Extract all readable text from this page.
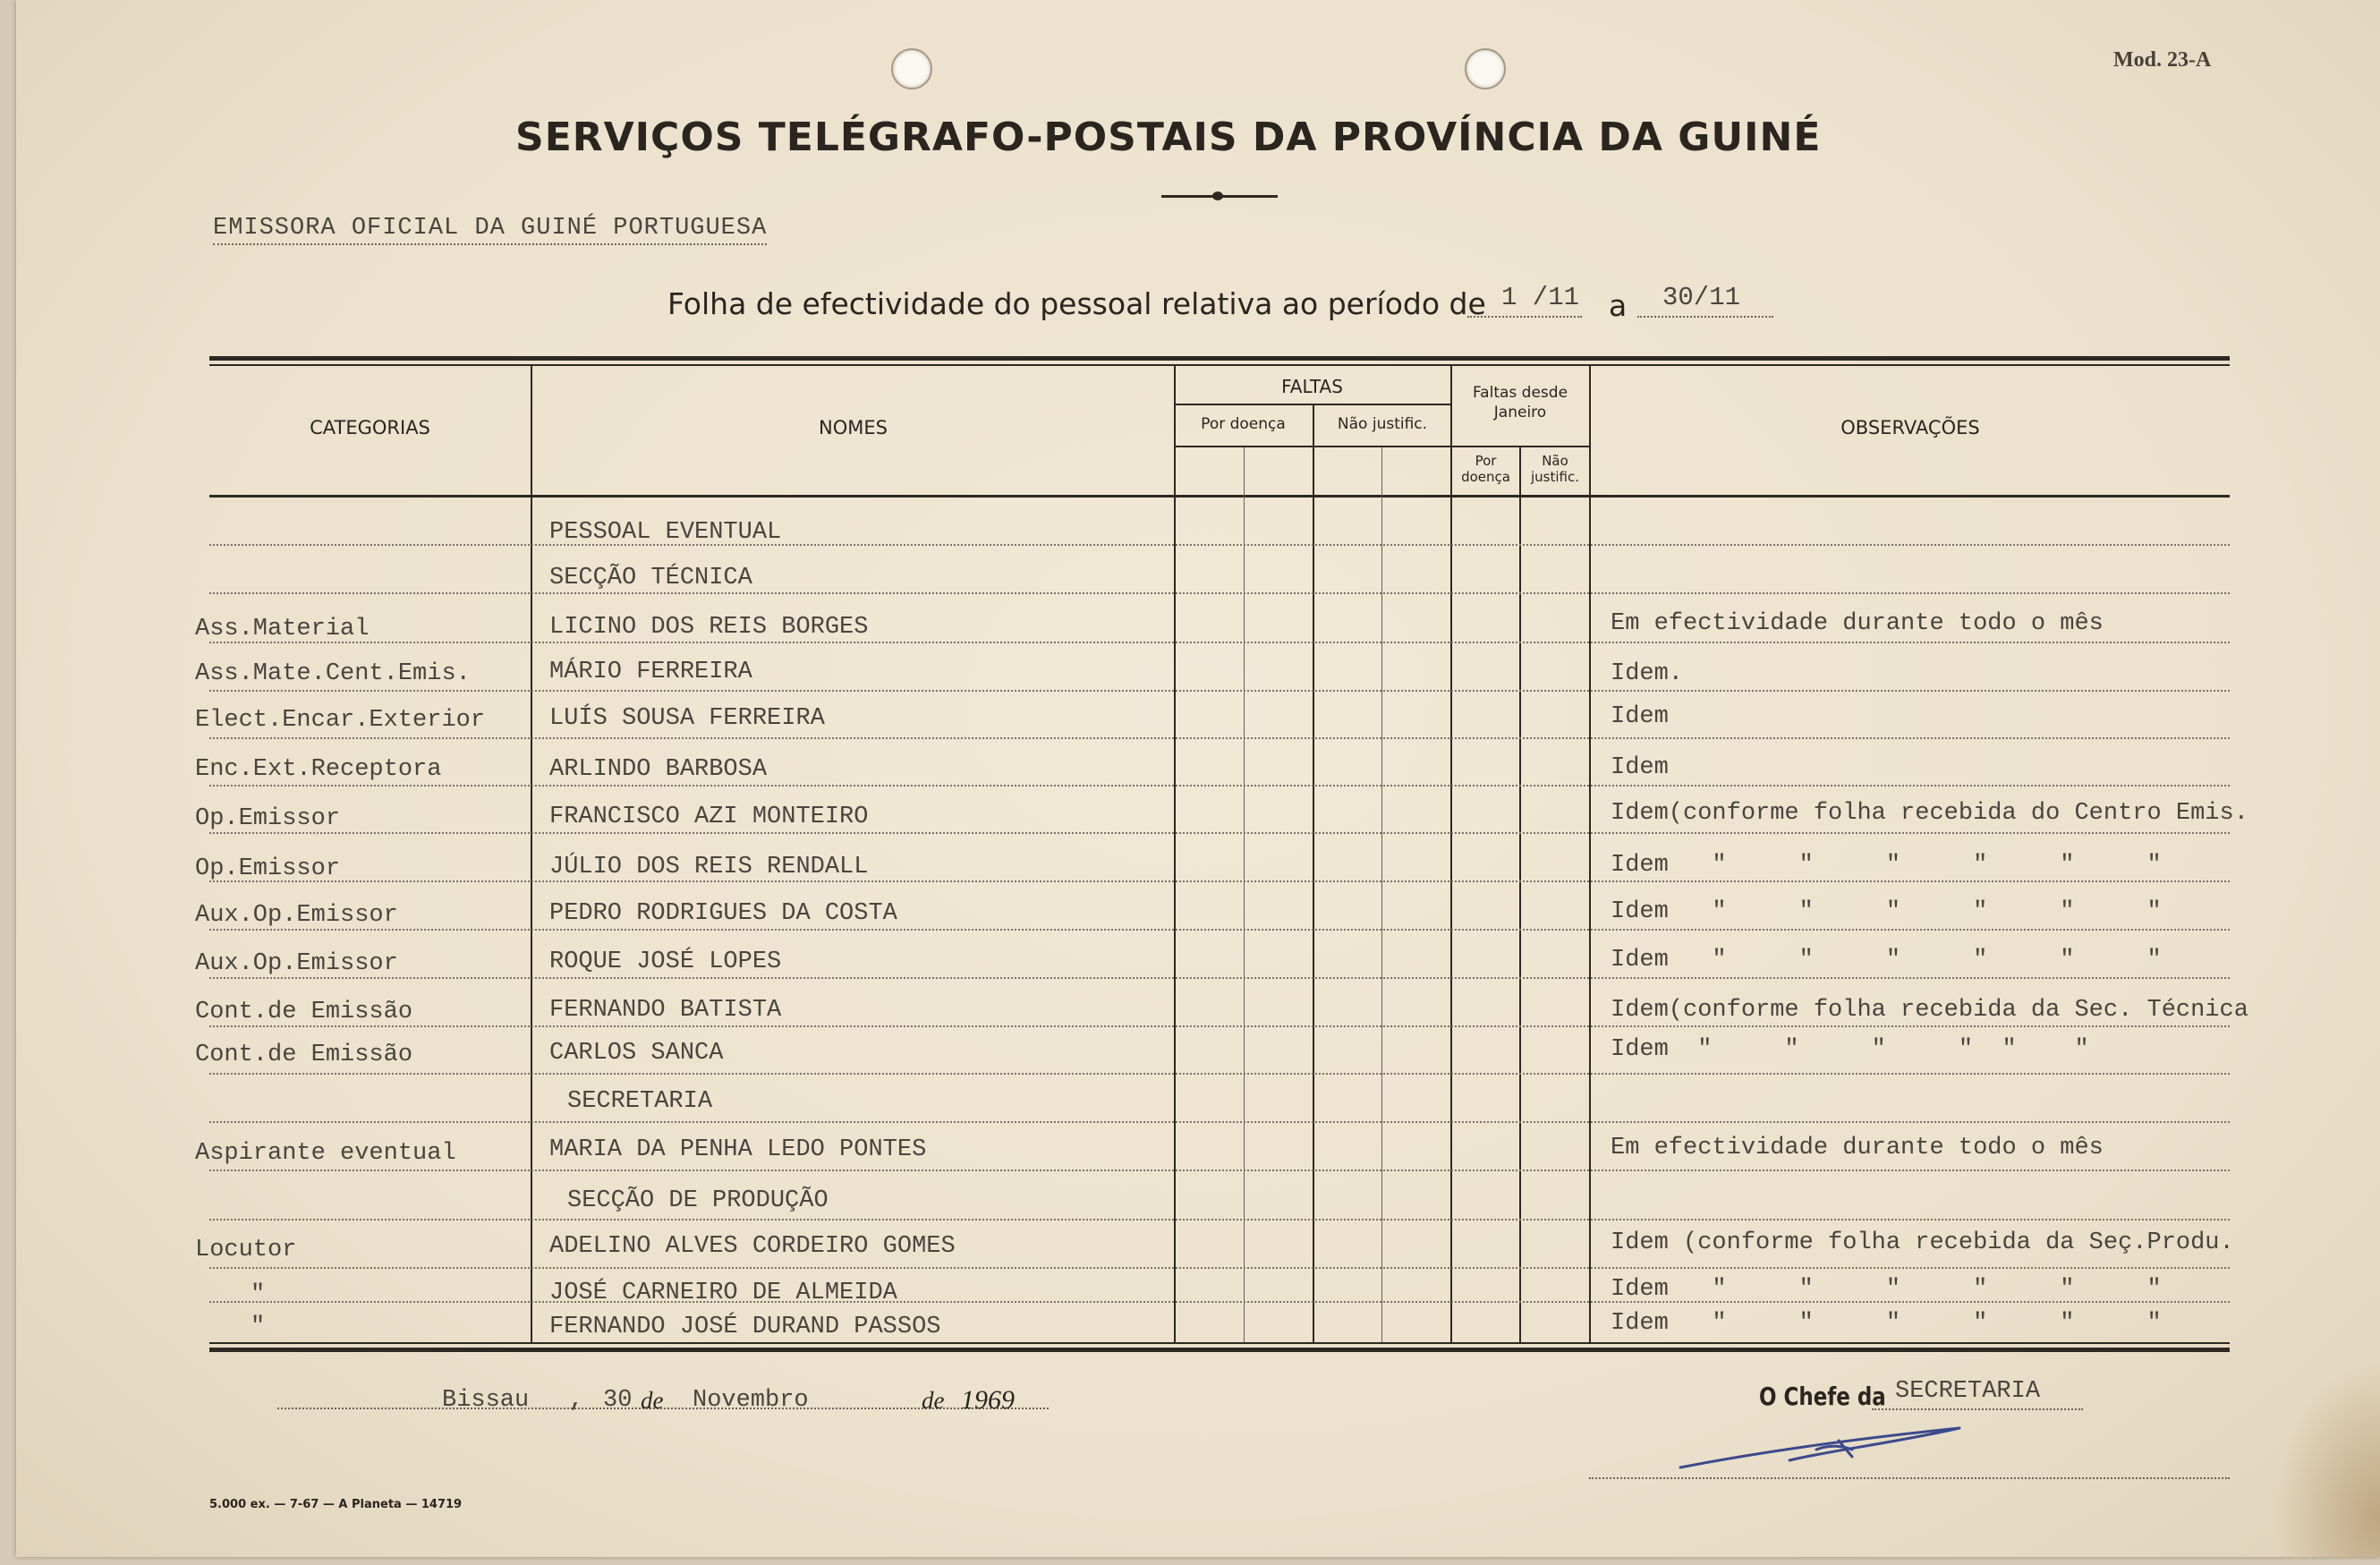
Mod. 23-A
SERVIÇOS TELÉGRAFO-POSTAIS DA PROVÍNCIA DA GUINÉ
EMISSORA OFICIAL DA GUINÉ PORTUGUESA
Folha de efectividade do pessoal relativa ao período de 1 /11 a	30/11
CATEGORIAS	NOMES
FALTAS
Por doença	Não justific.
Faltas desde Janeiro
Por doença
Não justific.
OBSERVAÇÕES
PESSOAL EVENTUAL
SECÇÃO TÉCNICA
Ass.Material	LICINO DOS REIS BORGES	Em efectividade durante todo o mês
Ass.Mate.Cent.Emis.	MÁRIO FERREIRA	Idem.
Elect.Encar.Exterior	LUÍS SOUSA FERREIRA	Idem
Enc.Ext.Receptora	ARLINDO BARBOSA	Idem
Op.Emissor	FRANCISCO AZI MONTEIRO	Idem(conforme folha recebida do Centro Emis.
Op.Emissor	JÚLIO DOS REIS RENDALL	Idem   "     "     "     "     "     "
Aux.Op.Emissor	PEDRO RODRIGUES DA COSTA	Idem   "     "     "     "     "     "
Aux.Op.Emissor	ROQUE JOSÉ LOPES	Idem   "     "     "     "     "     "
Cont.de Emissão	FERNANDO BATISTA	Idem(conforme folha recebida da Sec. Técnica
Cont.de Emissão	CARLOS SANCA	Idem  "     "     "     "  "    "
SECRETARIA
Aspirante eventual	MARIA DA PENHA LEDO PONTES	Em efectividade durante todo o mês
SECÇÃO DE PRODUÇÃO
Locutor	ADELINO ALVES CORDEIRO GOMES	Idem (conforme folha recebida da Seç.Produ.
"	JOSÉ CARNEIRO DE ALMEIDA	Idem   "     "     "     "     "     "
"	FERNANDO JOSÉ DURAND PASSOS	Idem   "     "     "     "     "     "
Bissau , 30 de Novembro	de 1969	O Chefe da SECRETARIA
5.000 ex. — 7-67 — A Planeta — 14719
